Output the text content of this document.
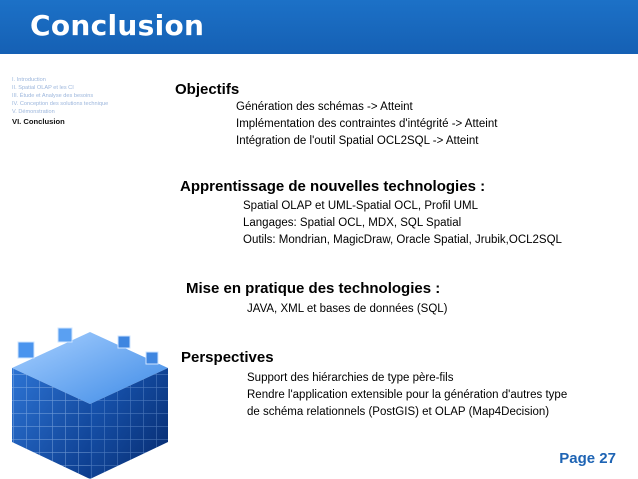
Conclusion
I. Introduction
II. Spatial OLAP et les CI
III. Étude et Analyse des besoins
IV. Conception des solutions technique
V. Démonstration
VI. Conclusion
Objectifs
Génération des schémas -> Atteint
Implémentation des contraintes d'intégrité -> Atteint
Intégration de l'outil Spatial OCL2SQL -> Atteint
Apprentissage de nouvelles technologies :
Spatial OLAP et UML-Spatial OCL, Profil UML
Langages: Spatial OCL, MDX, SQL Spatial
Outils: Mondrian, MagicDraw, Oracle Spatial, Jrubik,OCL2SQL
Mise en pratique des technologies :
JAVA, XML et bases de données (SQL)
Perspectives
Support des hiérarchies de type père-fils
Rendre l'application extensible pour la génération d'autres type
de schéma relationnels (PostGIS) et OLAP (Map4Decision)
Page 27
